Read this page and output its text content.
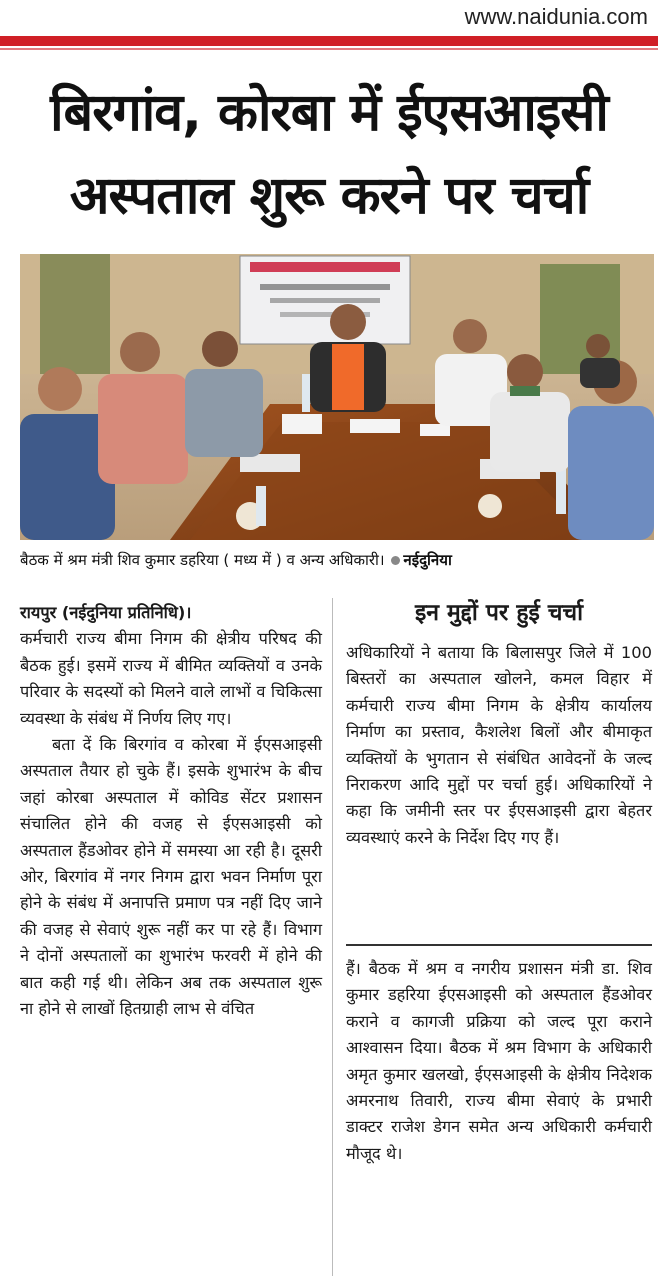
www.naidunia.com
बिरगांव, कोरबा में ईएसआइसी
अस्पताल शुरू करने पर चर्चा
बैठक में श्रम मंत्री शिव कुमार डहरिया ( मध्य में ) व अन्य अधिकारी। नईदुनिया

रायपुर (नईदुनिया प्रतिनिधि)।

कर्मचारी राज्य बीमा निगम की क्षेत्रीय परिषद की बैठक हुई। इसमें राज्य में बीमित व्यक्तियों व उनके परिवार के सदस्यों को मिलने वाले लाभों व चिकित्सा व्यवस्था के संबंध में निर्णय लिए गए।

बता दें कि बिरगांव व कोरबा में ईएसआइसी अस्पताल तैयार हो चुके हैं। इसके शुभारंभ के बीच जहां कोरबा अस्पताल में कोविड सेंटर प्रशासन संचालित होने की वजह से ईएसआइसी को अस्पताल हैंडओवर होने में समस्या आ रही है। दूसरी ओर, बिरगांव में नगर निगम द्वारा भवन निर्माण पूरा होने के संबंध में अनापत्ति प्रमाण पत्र नहीं दिए जाने की वजह से सेवाएं शुरू नहीं कर पा रहे हैं। विभाग ने दोनों अस्पतालों का शुभारंभ फरवरी में होने की बात कही गई थी। लेकिन अब तक अस्पताल शुरू ना होने से लाखों हितग्राही लाभ से वंचित

इन मुद्दों पर हुई चर्चा

अधिकारियों ने बताया कि बिलासपुर जिले में 100 बिस्तरों का अस्पताल खोलने, कमल विहार में कर्मचारी राज्य बीमा निगम के क्षेत्रीय कार्यालय निर्माण का प्रस्ताव, कैशलेश बिलों और बीमाकृत व्यक्तियों के भुगतान से संबंधित आवेदनों के जल्द निराकरण आदि मुद्दों पर चर्चा हुई। अधिकारियों ने कहा कि जमीनी स्तर पर ईएसआइसी द्वारा बेहतर व्यवस्थाएं करने के निर्देश दिए गए हैं।

हैं। बैठक में श्रम व नगरीय प्रशासन मंत्री डा. शिव कुमार डहरिया ईएसआइसी को अस्पताल हैंडओवर कराने व कागजी प्रक्रिया को जल्द पूरा कराने आश्वासन दिया। बैठक में श्रम विभाग के अधिकारी अमृत कुमार खलखो, ईएसआइसी के क्षेत्रीय निदेशक अमरनाथ तिवारी, राज्य बीमा सेवाएं के प्रभारी डाक्टर राजेश डेगन समेत अन्य अधिकारी कर्मचारी मौजूद थे।
